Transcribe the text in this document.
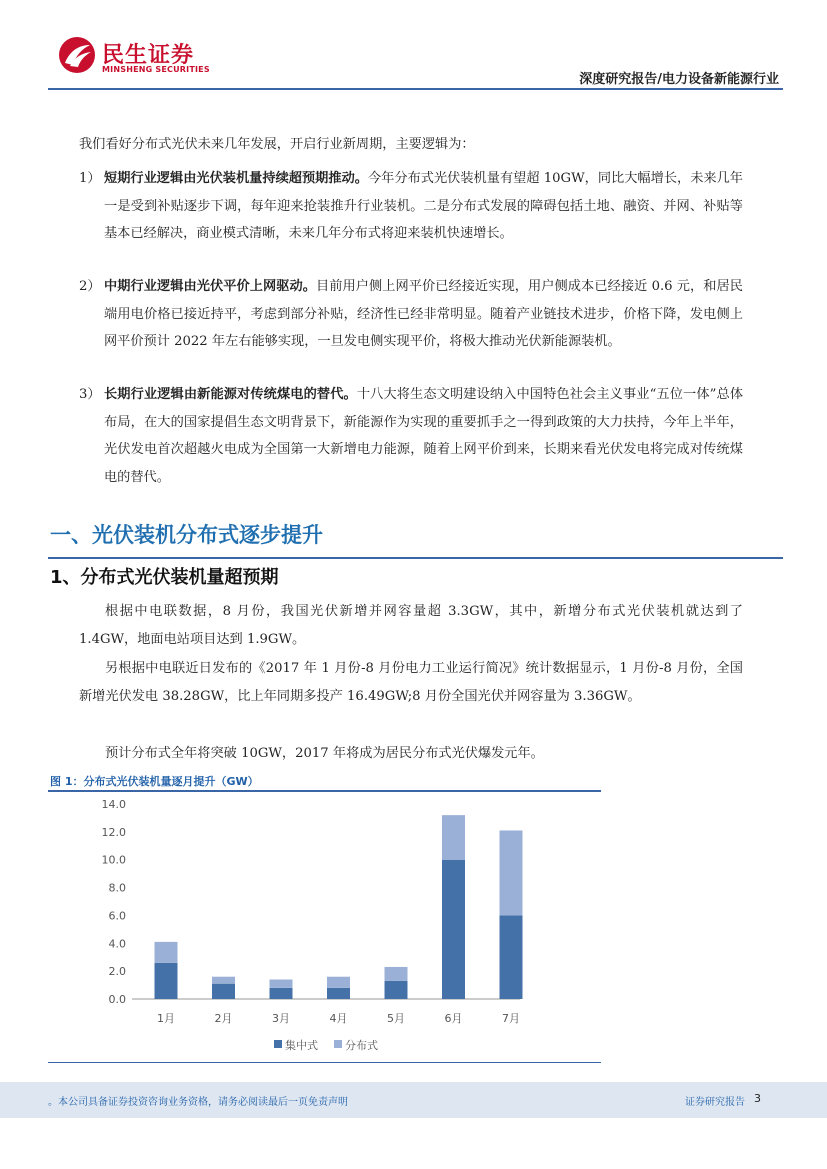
民生证券
MINSHENG SECURITIES
深度研究报告/电力设备新能源行业
我们看好分布式光伏未来几年发展，开启行业新周期，主要逻辑为：
1） 短期行业逻辑由光伏装机量持续超预期推动。今年分布式光伏装机量有望超 10GW，同比大幅增长，未来几年一是受到补贴逐步下调，每年迎来抢装推升行业装机。二是分布式发展的障碍包括土地、融资、并网、补贴等基本已经解决，商业模式清晰，未来几年分布式将迎来装机快速增长。
2） 中期行业逻辑由光伏平价上网驱动。目前用户侧上网平价已经接近实现，用户侧成本已经接近 0.6 元，和居民端用电价格已接近持平，考虑到部分补贴，经济性已经非常明显。随着产业链技术进步，价格下降，发电侧上网平价预计 2022 年左右能够实现，一旦发电侧实现平价，将极大推动光伏新能源装机。
3） 长期行业逻辑由新能源对传统煤电的替代。十八大将生态文明建设纳入中国特色社会主义事业“五位一体”总体布局，在大的国家提倡生态文明背景下，新能源作为实现的重要抓手之一得到政策的大力扶持，今年上半年，光伏发电首次超越火电成为全国第一大新增电力能源，随着上网平价到来，长期来看光伏发电将完成对传统煤电的替代。
一、光伏装机分布式逐步提升
1、分布式光伏装机量超预期
根据中电联数据，8 月份，我国光伏新增并网容量超 3.3GW，其中，新增分布式光伏装机就达到了 1.4GW，地面电站项目达到 1.9GW。
另根据中电联近日发布的《2017 年 1 月份-8 月份电力工业运行简况》统计数据显示，1 月份-8 月份，全国新增光伏发电 38.28GW，比上年同期多投产 16.49GW;8 月份全国光伏并网容量为 3.36GW。
预计分布式全年将突破 10GW，2017 年将成为居民分布式光伏爆发元年。
图 1：分布式光伏装机量逐月提升（GW）
14.0
12.0
10.0
8.0
6.0
4.0
2.0
0.0
1月	2月	3月	4月	5月	6月	7月
集中式 分布式
。本公司具备证券投资咨询业务资格，请务必阅读最后一页免责声明	证券研究报告 3
